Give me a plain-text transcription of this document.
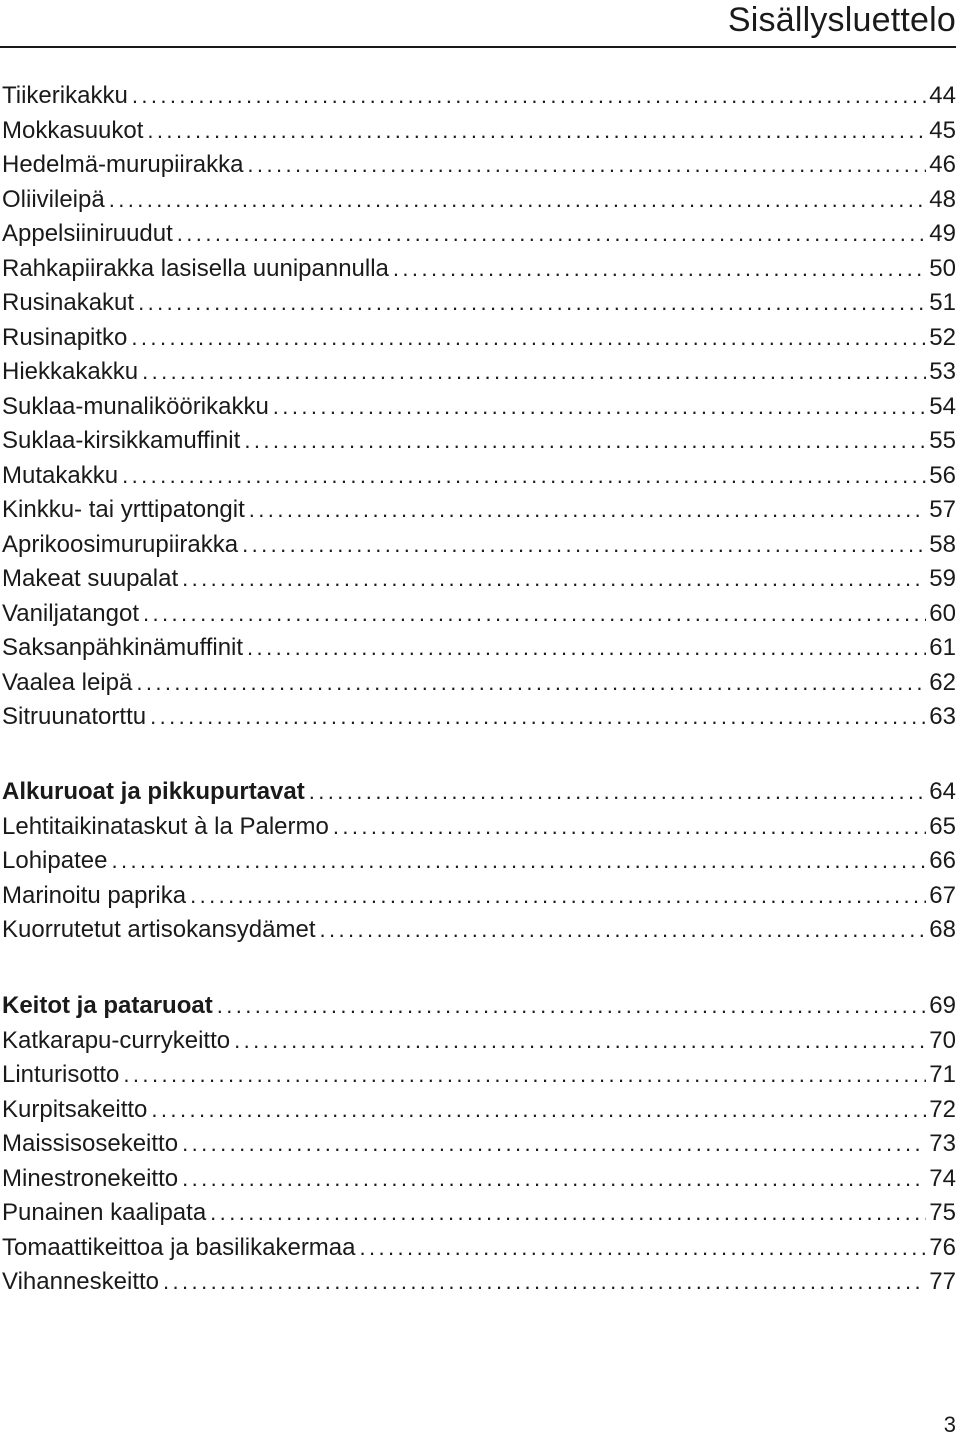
Sisällysluettelo
Tiikerikakku .....	44
Mokkasuukot .....	45
Hedelmä-murupiirakka .....	46
Oliivileipä .....	48
Appelsiiniruudut .....	49
Rahkapiirakka lasisella uunipannulla .....	50
Rusinakakut .....	51
Rusinapitko .....	52
Hiekkakakku .....	53
Suklaa-munaliköörikakku .....	54
Suklaa-kirsikkamuffinit .....	55
Mutakakku .....	56
Kinkku- tai yrttipatongit .....	57
Aprikoosimurupiirakka .....	58
Makeat suupalat .....	59
Vaniljatangot .....	60
Saksanpähkinämuffinit .....	61
Vaalea leipä .....	62
Sitruunatorttu .....	63
Alkuruoat ja pikkupurtavat .....	64
Lehtitaikinataskut à la Palermo .....	65
Lohipatee .....	66
Marinoitu paprika .....	67
Kuorrutetut artisokansydämet .....	68
Keitot ja pataruoat .....	69
Katkarapu-currykeitto .....	70
Linturisotto .....	71
Kurpitsakeitto .....	72
Maissisosekeitto .....	73
Minestronekeitto .....	74
Punainen kaalipata .....	75
Tomaattikeittoa ja basilikakermaa .....	76
Vihanneskeitto .....	77
3
